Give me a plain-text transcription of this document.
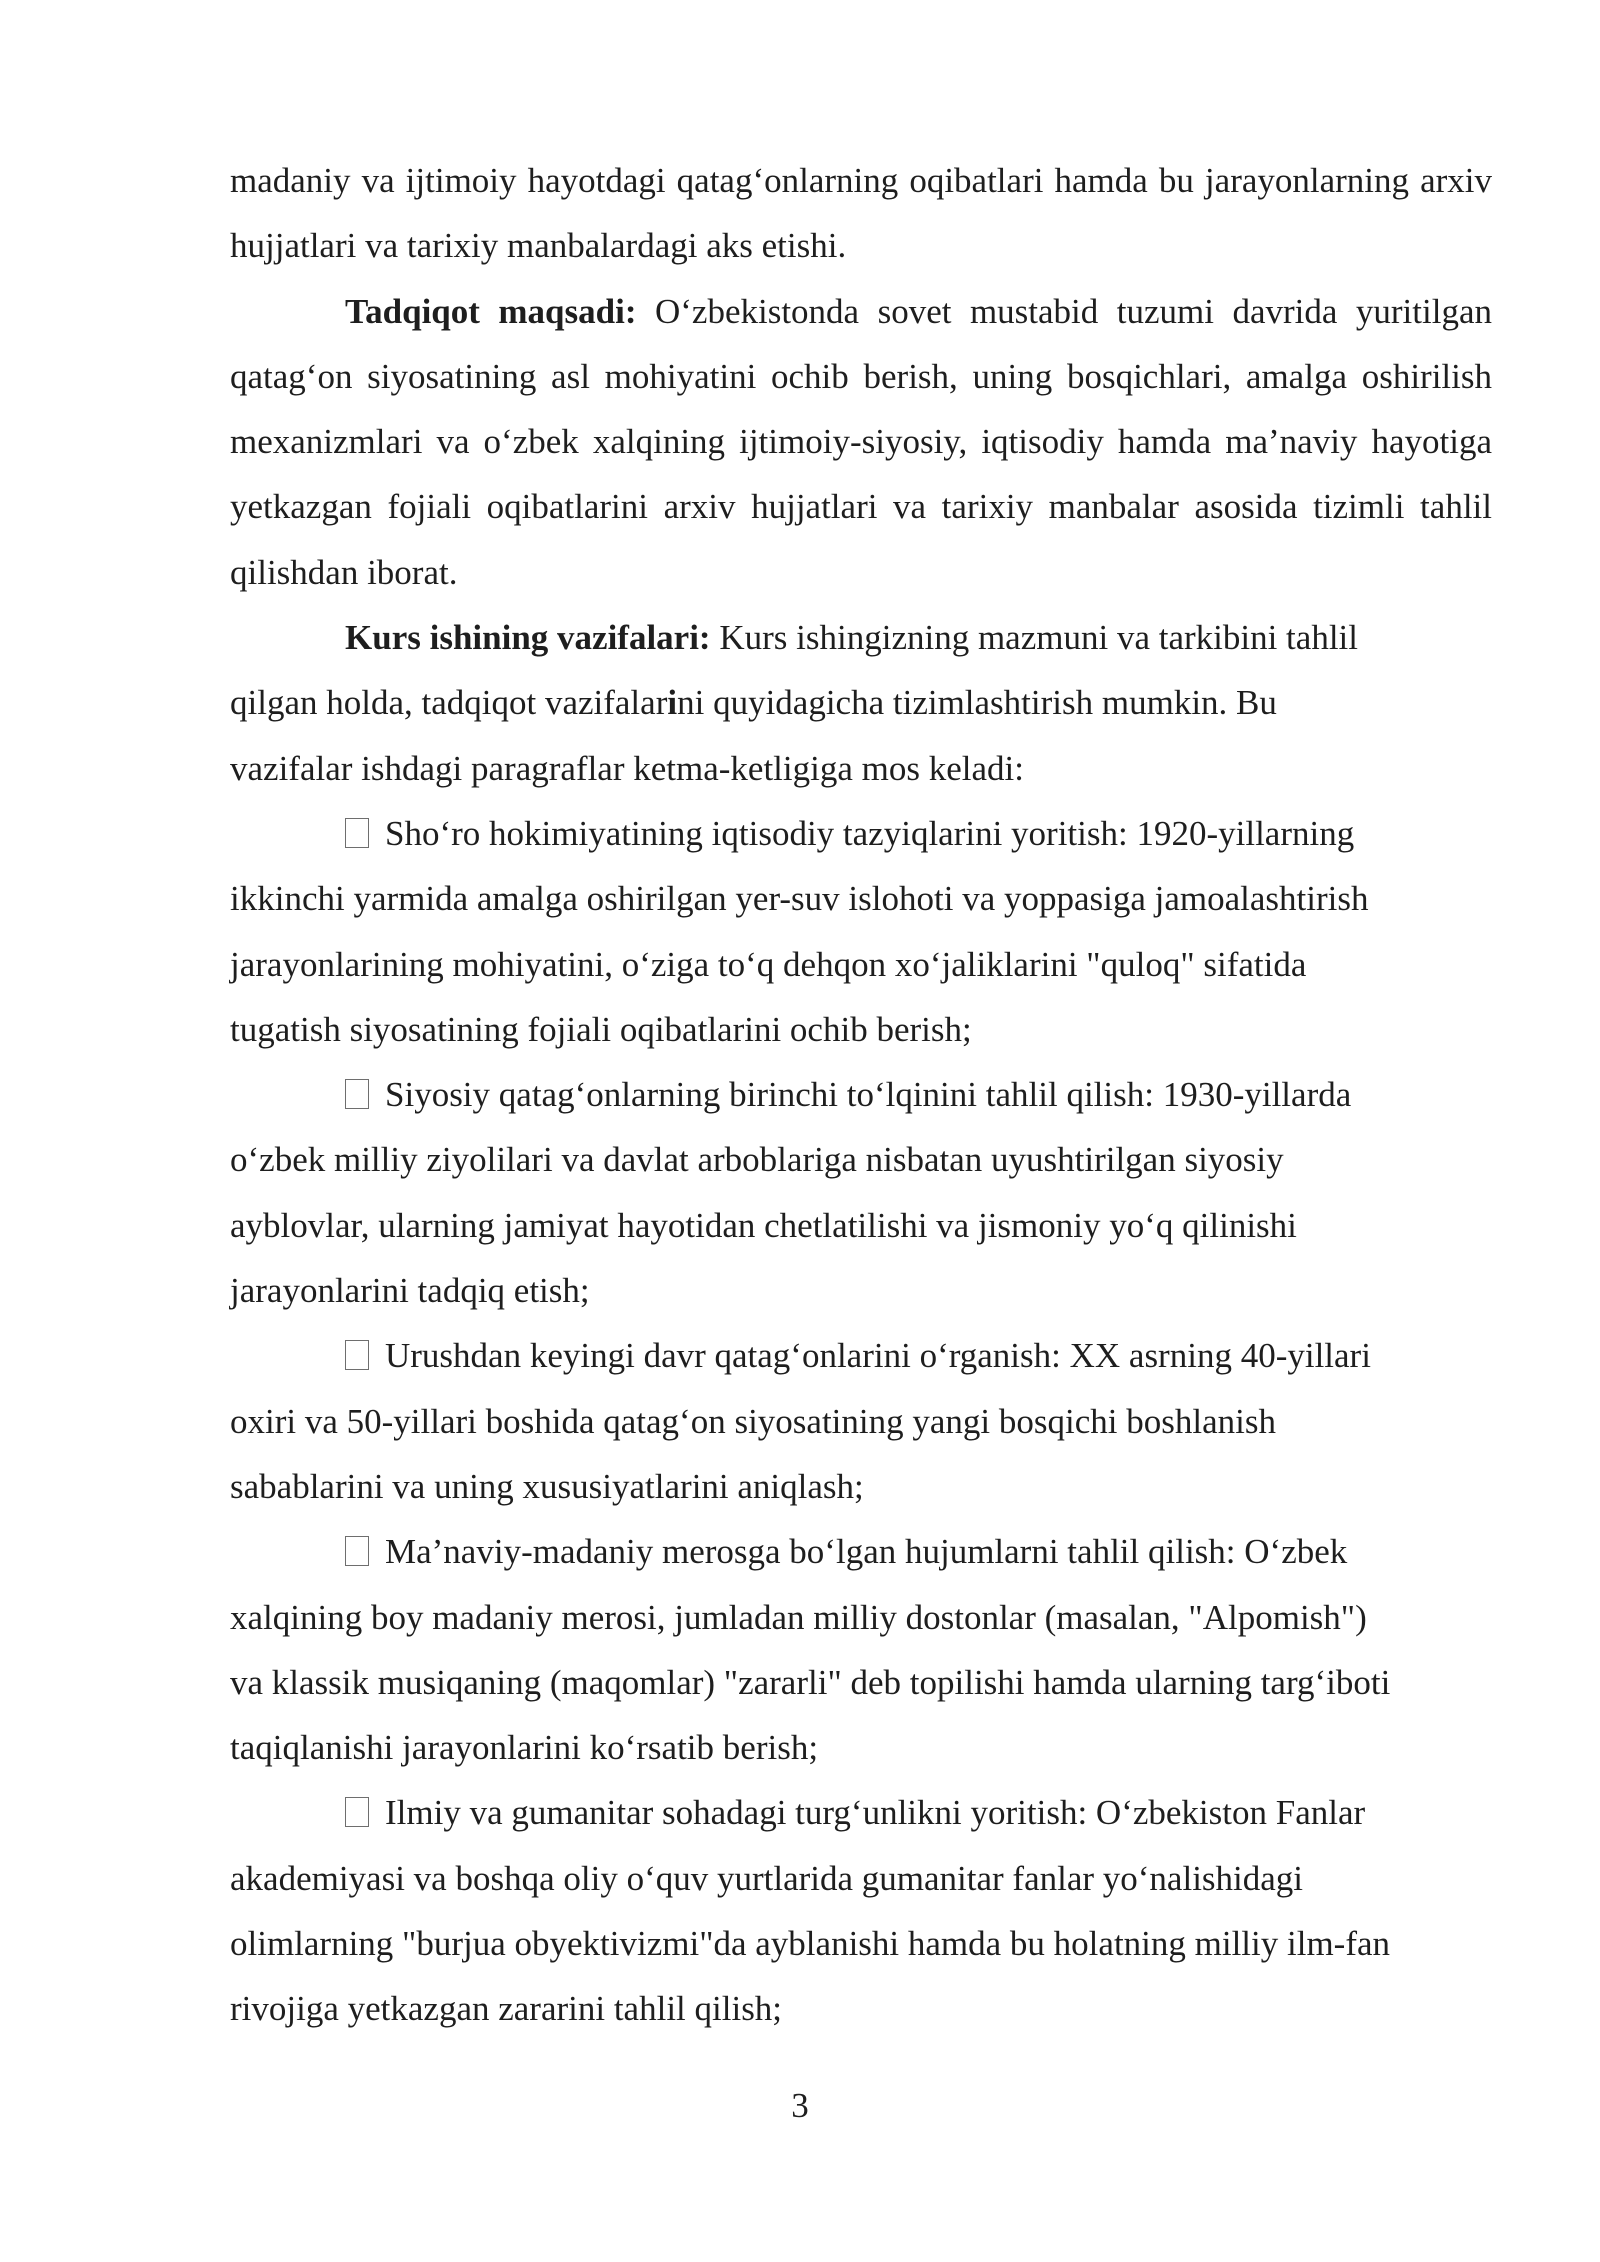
madaniy va ijtimoiy hayotdagi qatag‘onlarning oqibatlari hamda bu jarayonlarning arxiv hujjatlari va tarixiy manbalardagi aks etishi.

Tadqiqot maqsadi: O‘zbekistonda sovet mustabid tuzumi davrida yuritilgan qatag‘on siyosatining asl mohiyatini ochib berish, uning bosqichlari, amalga oshirilish mexanizmlari va o‘zbek xalqining ijtimoiy-siyosiy, iqtisodiy hamda ma’naviy hayotiga yetkazgan fojiali oqibatlarini arxiv hujjatlari va tarixiy manbalar asosida tizimli tahlil qilishdan iborat.

Kurs ishining vazifalari: Kurs ishingizning mazmuni va tarkibini tahlil
qilgan holda, tadqiqot vazifalarini quyidagicha tizimlashtirish mumkin. Bu
vazifalar ishdagi paragraflar ketma-ketligiga mos keladi:
Sho‘ro hokimiyatining iqtisodiy tazyiqlarini yoritish: 1920-yillarning
ikkinchi yarmida amalga oshirilgan yer-suv islohoti va yoppasiga jamoalashtirish
jarayonlarining mohiyatini, o‘ziga to‘q dehqon xo‘jaliklarini "quloq" sifatida
tugatish siyosatining fojiali oqibatlarini ochib berish;
Siyosiy qatag‘onlarning birinchi to‘lqinini tahlil qilish: 1930-yillarda
o‘zbek milliy ziyolilari va davlat arboblariga nisbatan uyushtirilgan siyosiy
ayblovlar, ularning jamiyat hayotidan chetlatilishi va jismoniy yo‘q qilinishi
jarayonlarini tadqiq etish;
Urushdan keyingi davr qatag‘onlarini o‘rganish: XX asrning 40-yillari
oxiri va 50-yillari boshida qatag‘on siyosatining yangi bosqichi boshlanish
sabablarini va uning xususiyatlarini aniqlash;
Ma’naviy-madaniy merosga bo‘lgan hujumlarni tahlil qilish: O‘zbek
xalqining boy madaniy merosi, jumladan milliy dostonlar (masalan, "Alpomish")
va klassik musiqaning (maqomlar) "zararli" deb topilishi hamda ularning targ‘iboti
taqiqlanishi jarayonlarini ko‘rsatib berish;
Ilmiy va gumanitar sohadagi turg‘unlikni yoritish: O‘zbekiston Fanlar
akademiyasi va boshqa oliy o‘quv yurtlarida gumanitar fanlar yo‘nalishidagi
olimlarning "burjua obyektivizmi"da ayblanishi hamda bu holatning milliy ilm-fan
rivojiga yetkazgan zararini tahlil qilish;
3
